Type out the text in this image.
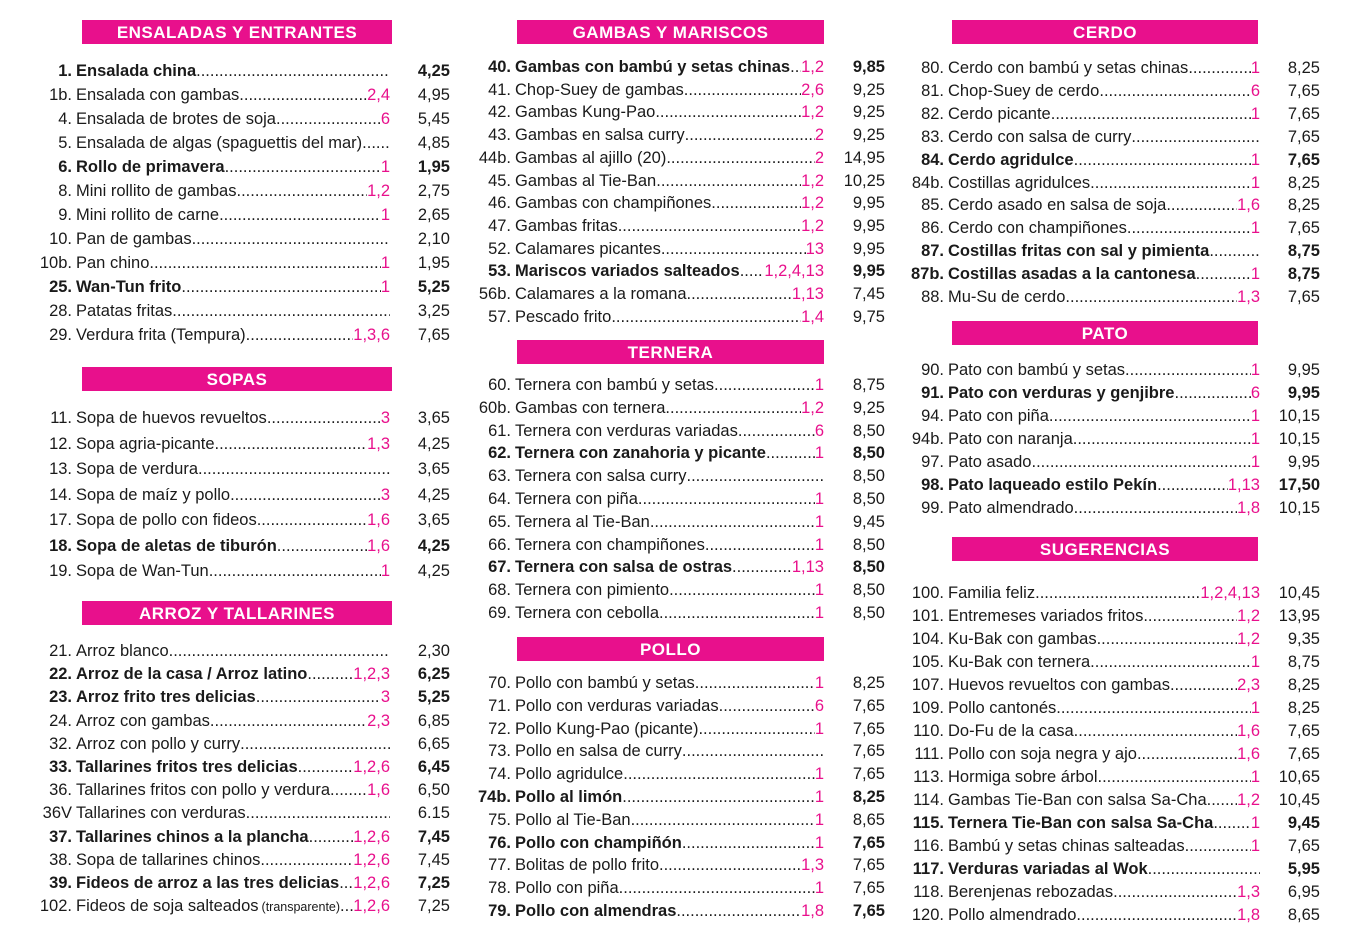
ENSALADAS Y ENTRANTES
1. Ensalada china .....	4,25
1b. Ensalada con gambas .....	2,4	4,95
4. Ensalada de brotes de soja .....	6	5,45
5. Ensalada de algas (spaguettis del mar) .....	4,85
6. Rollo de primavera .....	1	1,95
8. Mini rollito de gambas .....	1,2	2,75
9. Mini rollito de carne .....	1	2,65
10. Pan de gambas .....	2,10
10b. Pan chino .....	1	1,95
25. Wan-Tun frito .....	1	5,25
28. Patatas fritas .....	3,25
29. Verdura frita (Tempura) .....	1,3,6	7,65
SOPAS
11. Sopa de huevos revueltos .....	3	3,65
12. Sopa agria-picante .....	1,3	4,25
13. Sopa de verdura .....	3,65
14. Sopa de maíz y pollo .....	3	4,25
17. Sopa de pollo con fideos .....	1,6	3,65
18. Sopa de aletas de tiburón .....	1,6	4,25
19. Sopa de Wan-Tun .....	1	4,25
ARROZ Y TALLARINES
21. Arroz blanco .....	2,30
22. Arroz de la casa / Arroz latino .....	1,2,3	6,25
23. Arroz frito tres delicias .....	3	5,25
24. Arroz con gambas .....	2,3	6,85
32. Arroz con pollo y curry .....	6,65
33. Tallarines fritos tres delicias .....	1,2,6	6,45
36. Tallarines fritos con pollo y verdura ..... 1,6	6,50
36V Tallarines con verduras .....	6.15
37. Tallarines chinos a la plancha .....	1,2,6	7,45
38. Sopa de tallarines chinos .....	1,2,6	7,45
39. Fideos de arroz a las tres delicias ..... 1,2,6	7,25
102. Fideos de soja salteados (transparente) ..... 1,2,6	7,25
GAMBAS Y MARISCOS
40. Gambas con bambú y setas chinas ..... 1,2	9,85
41. Chop-Suey de gambas .....	2,6	9,25
42. Gambas Kung-Pao .....	1,2	9,25
43. Gambas en salsa curry .....	2	9,25
44b. Gambas al ajillo (20) .....	2	14,95
45. Gambas al Tie-Ban .....	1,2	10,25
46. Gambas con champiñones .....	1,2	9,95
47. Gambas fritas .....	1,2	9,95
52. Calamares picantes .....	13	9,95
53. Mariscos variados salteados ..... 1,2,4,13	9,95
56b. Calamares a la romana .....	1,13	7,45
57. Pescado frito .....	1,4	9,75
TERNERA
60. Ternera con bambú y setas .....	1	8,75
60b. Gambas con ternera .....	1,2	9,25
61. Ternera con verduras variadas .....	6	8,50
62. Ternera con zanahoria y picante .....	1	8,50
63. Ternera con salsa curry .....	8,50
64. Ternera con piña .....	1	8,50
65. Ternera al Tie-Ban .....	1	9,45
66. Ternera con champiñones .....	1	8,50
67. Ternera con salsa de ostras .....	1,13	8,50
68. Ternera con pimiento .....	1	8,50
69. Ternera con cebolla .....	1	8,50
POLLO
70. Pollo con bambú y setas .....	1	8,25
71. Pollo con verduras variadas .....	6	7,65
72. Pollo Kung-Pao (picante) .....	1	7,65
73. Pollo en salsa de curry .....	7,65
74. Pollo agridulce .....	1	7,65
74b. Pollo al limón .....	1	8,25
75. Pollo al Tie-Ban .....	1	8,65
76. Pollo con champiñón .....	1	7,65
77. Bolitas de pollo frito .....	1,3	7,65
78. Pollo con piña .....	1	7,65
79. Pollo con almendras .....	1,8	7,65
CERDO
80. Cerdo con bambú y setas chinas .....	1	8,25
81. Chop-Suey de cerdo .....	6	7,65
82. Cerdo picante .....	1	7,65
83. Cerdo con salsa de curry .....	7,65
84. Cerdo agridulce .....	1	7,65
84b. Costillas agridulces .....	1	8,25
85. Cerdo asado en salsa de soja .....	1,6	8,25
86. Cerdo con champiñones .....	1	7,65
87. Costillas fritas con sal y pimienta .....	8,75
87b. Costillas asadas a la cantonesa .....	1	8,75
88. Mu-Su de cerdo .....	1,3	7,65
PATO
90. Pato con bambú y setas .....	1	9,95
91. Pato con verduras y genjibre .....	6	9,95
94. Pato con piña .....	1	10,15
94b. Pato con naranja .....	1	10,15
97. Pato asado .....	1	9,95
98. Pato laqueado estilo Pekín .....	1,13	17,50
99. Pato almendrado .....	1,8	10,15
SUGERENCIAS
100. Familia feliz .....	1,2,4,13	10,45
101. Entremeses variados fritos .....	1,2	13,95
104. Ku-Bak con gambas .....	1,2	9,35
105. Ku-Bak con ternera .....	1	8,75
107. Huevos revueltos con gambas .....	2,3	8,25
109. Pollo cantonés .....	1	8,25
110. Do-Fu de la casa .....	1,6	7,65
111. Pollo con soja negra y ajo .....	1,6	7,65
113. Hormiga sobre árbol .....	1	10,65
114. Gambas Tie-Ban con salsa Sa-Cha ..... 1,2	10,45
115. Ternera Tie-Ban con salsa Sa-Cha ..... 1	9,45
116. Bambú y setas chinas salteadas .....	1	7,65
117. Verduras variadas al Wok .....	5,95
118. Berenjenas rebozadas .....	1,3	6,95
120. Pollo almendrado .....	1,8	8,65
